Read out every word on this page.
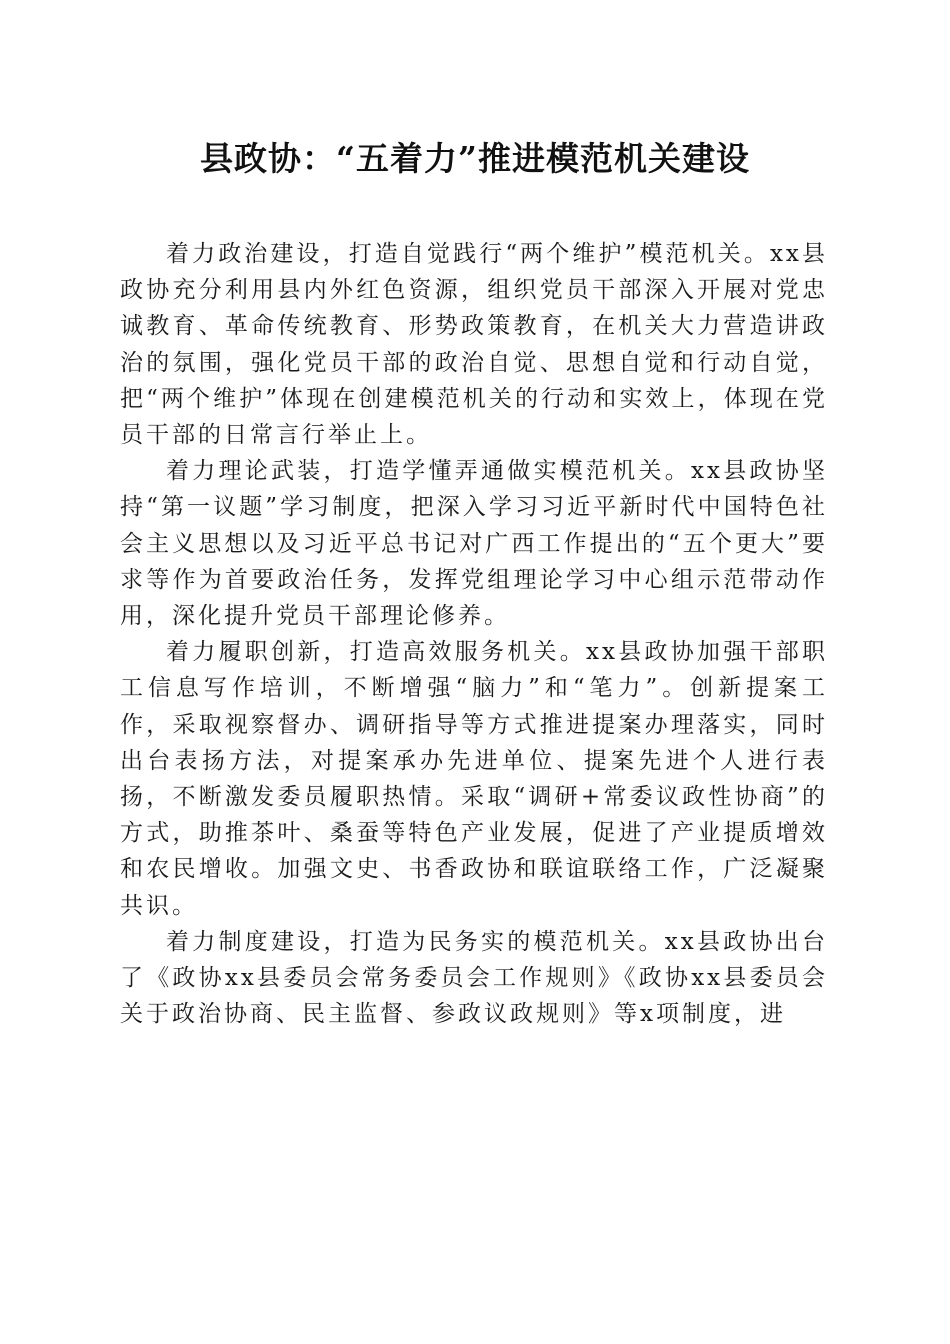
县政协：“五着力”推进模范机关建设

着力政治建设，打造自觉践行“两个维护”模范机关。xx县政协充分利用县内外红色资源，组织党员干部深入开展对党忠诚教育、革命传统教育、形势政策教育，在机关大力营造讲政治的氛围，强化党员干部的政治自觉、思想自觉和行动自觉，把“两个维护”体现在创建模范机关的行动和实效上，体现在党员干部的日常言行举止上。

着力理论武装，打造学懂弄通做实模范机关。xx县政协坚持“第一议题”学习制度，把深入学习习近平新时代中国特色社会主义思想以及习近平总书记对广西工作提出的“五个更大”要求等作为首要政治任务，发挥党组理论学习中心组示范带动作用，深化提升党员干部理论修养。

着力履职创新，打造高效服务机关。xx县政协加强干部职工信息写作培训，不断增强“脑力”和“笔力”。创新提案工作，采取视察督办、调研指导等方式推进提案办理落实，同时出台表扬方法，对提案承办先进单位、提案先进个人进行表扬，不断激发委员履职热情。采取“调研+常委议政性协商”的方式，助推茶叶、桑蚕等特色产业发展，促进了产业提质增效和农民增收。加强文史、书香政协和联谊联络工作，广泛凝聚共识。

着力制度建设，打造为民务实的模范机关。xx县政协出台了《政协xx县委员会常务委员会工作规则》《政协xx县委员会关于政治协商、民主监督、参政议政规则》等x项制度，进
